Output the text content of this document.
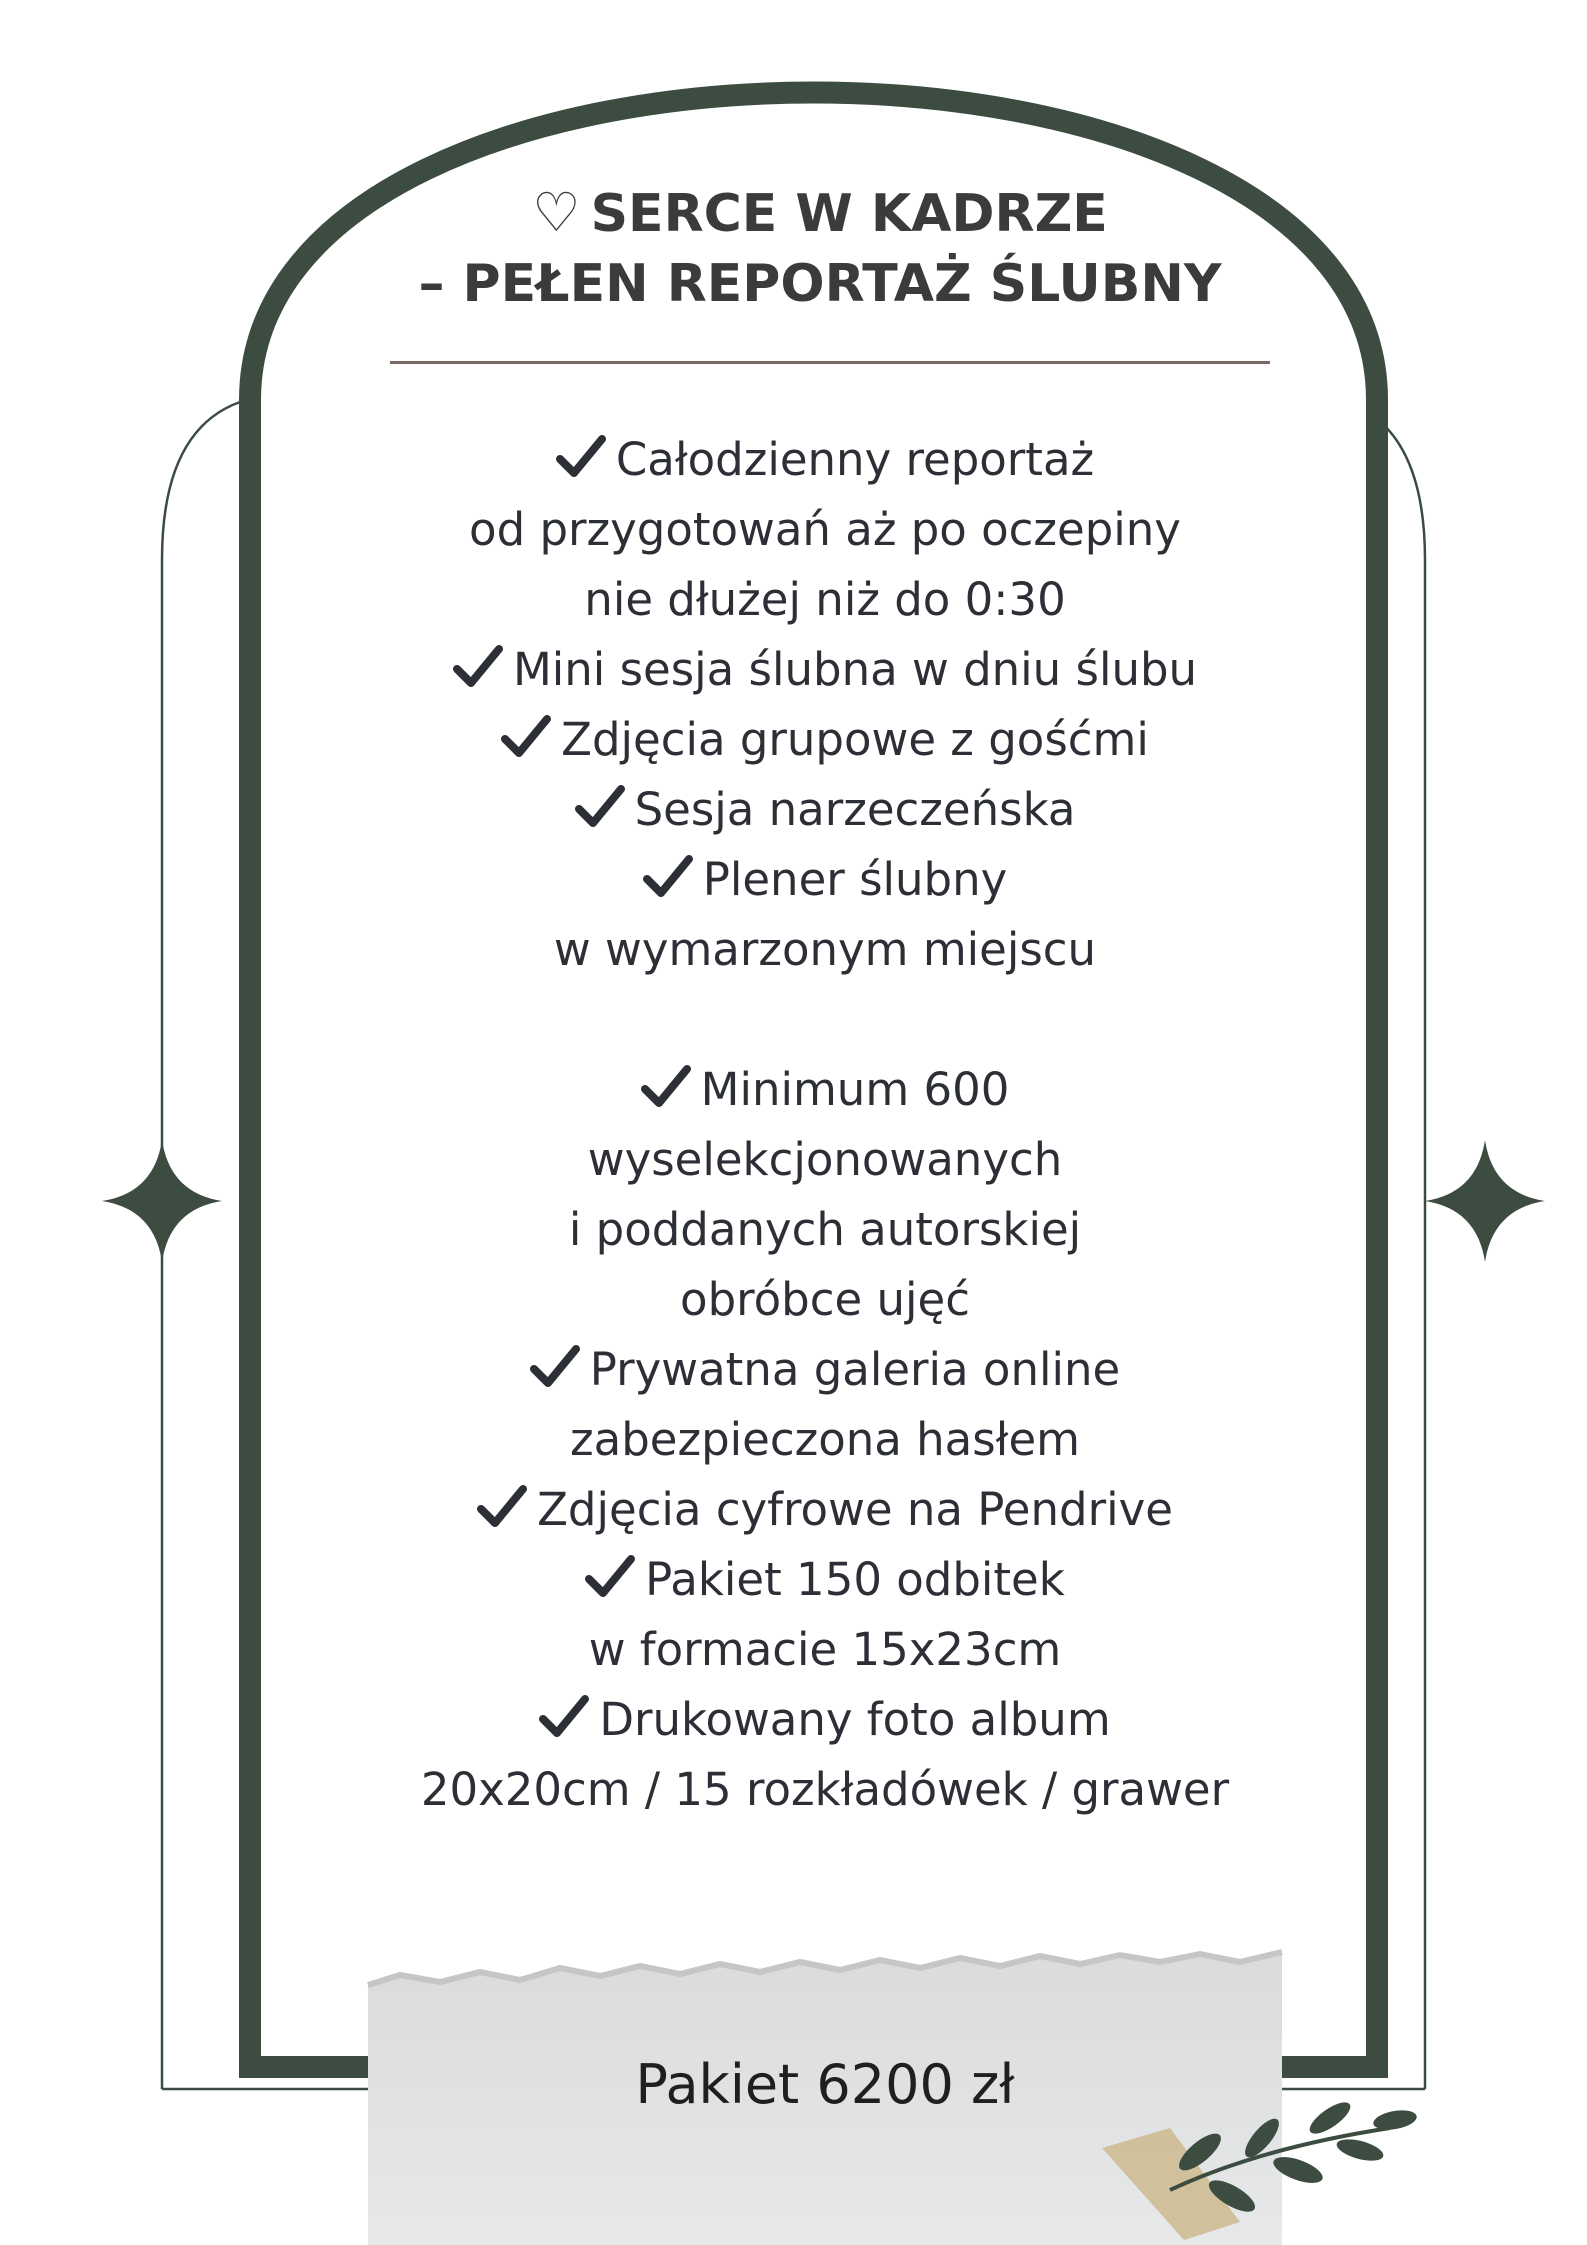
♡ SERCE W KADRZE
– PEŁEN REPORTAŻ ŚLUBNY
Całodzienny reportaż
od przygotowań aż po oczepiny
nie dłużej niż do 0:30
Mini sesja ślubna w dniu ślubu
Zdjęcia grupowe z gośćmi
Sesja narzeczeńska
Plener ślubny
w wymarzonym miejscu
Minimum 600
wyselekcjonowanych
i poddanych autorskiej
obróbce ujęć
Prywatna galeria online
zabezpieczona hasłem
Zdjęcia cyfrowe na Pendrive
Pakiet 150 odbitek
w formacie 15x23cm
Drukowany foto album
20x20cm / 15 rozkładówek / grawer
Pakiet 6200 zł
